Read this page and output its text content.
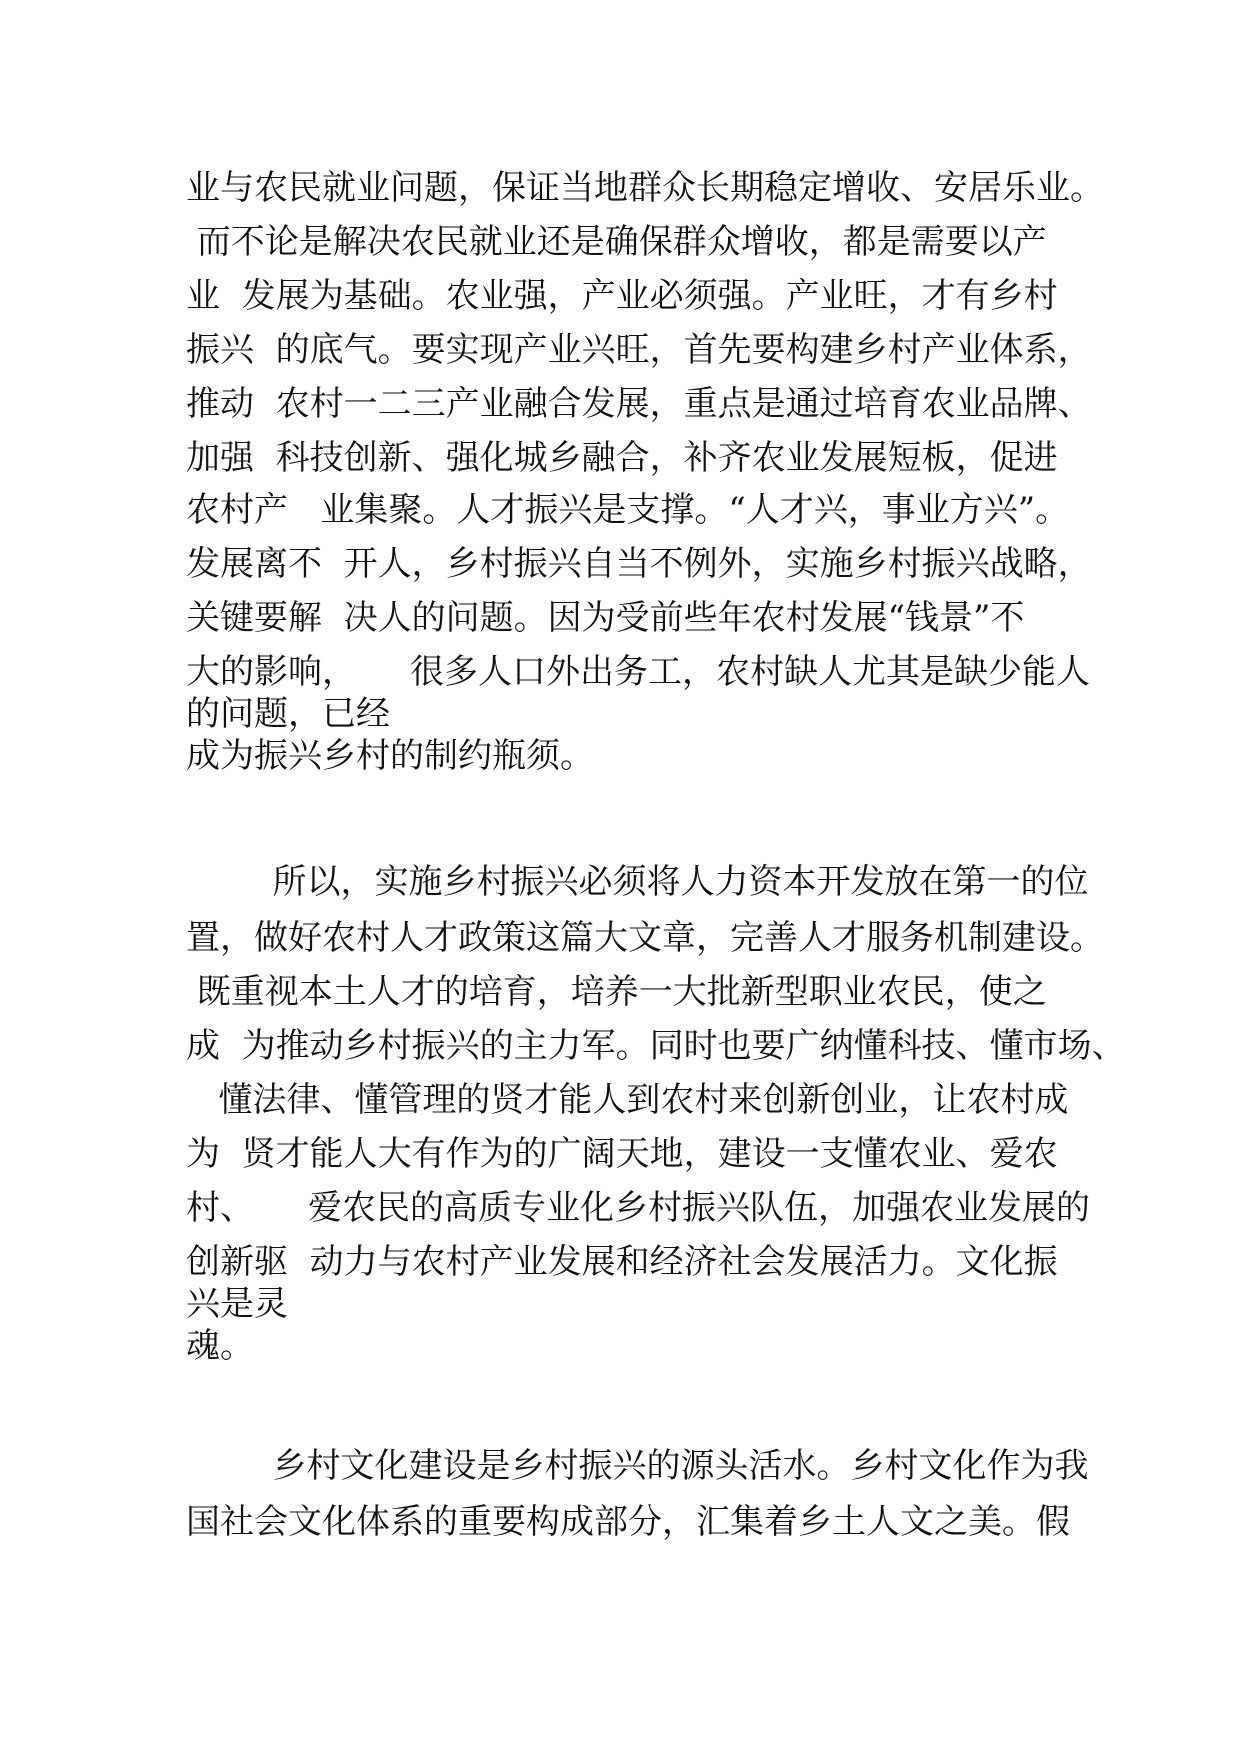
业与农民就业问题，保证当地群众长期稳定增收、安居乐业。
而不论是解决农民就业还是确保群众增收，都是需要以产
业  发展为基础。农业强，产业必须强。产业旺，才有乡村
振兴  的底气。要实现产业兴旺，首先要构建乡村产业体系，
推动  农村一二三产业融合发展，重点是通过培育农业品牌、
加强  科技创新、强化城乡融合，补齐农业发展短板，促进
农村产   业集聚。人才振兴是支撑。“人才兴，事业方兴”。
发展离不  开人，乡村振兴自当不例外，实施乡村振兴战略，
关键要解  决人的问题。因为受前些年农村发展“钱景”不
大的影响，     很多人口外出务工，农村缺人尤其是缺少能人
的问题，已经
成为振兴乡村的制约瓶须。
所以，实施乡村振兴必须将人力资本开发放在第一的位
置，做好农村人才政策这篇大文章，完善人才服务机制建设。
既重视本土人才的培育，培养一大批新型职业农民，使之
成  为推动乡村振兴的主力军。同时也要广纳懂科技、懂市场、
懂法律、懂管理的贤才能人到农村来创新创业，让农村成
为  贤才能人大有作为的广阔天地，建设一支懂农业、爱农
村、     爱农民的高质专业化乡村振兴队伍，加强农业发展的
创新驱  动力与农村产业发展和经济社会发展活力。文化振
兴是灵
魂。
乡村文化建设是乡村振兴的源头活水。乡村文化作为我
国社会文化体系的重要构成部分，汇集着乡土人文之美。假
